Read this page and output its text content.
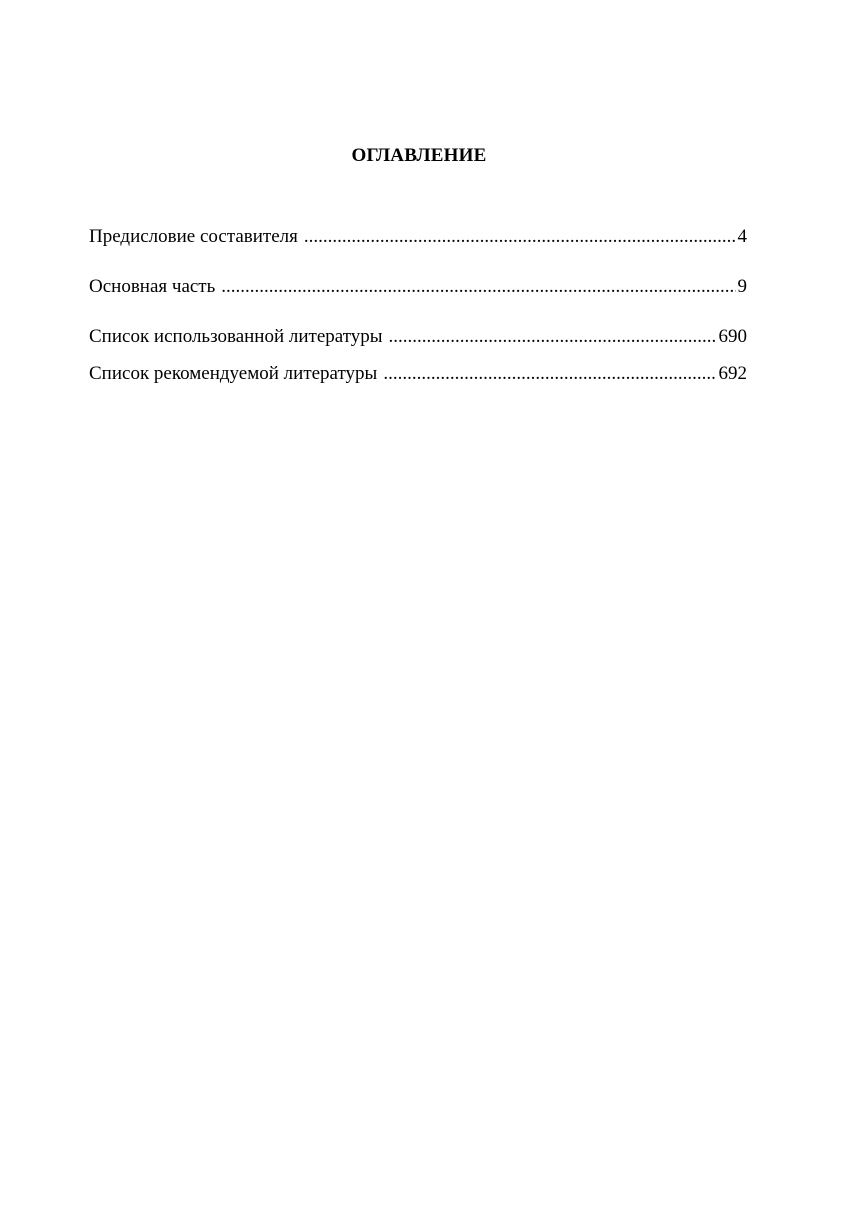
ОГЛАВЛЕНИЕ
Предисловие составителя .....	4
Основная часть .....	9
Список использованной литературы .....	690
Список рекомендуемой литературы .....	692
